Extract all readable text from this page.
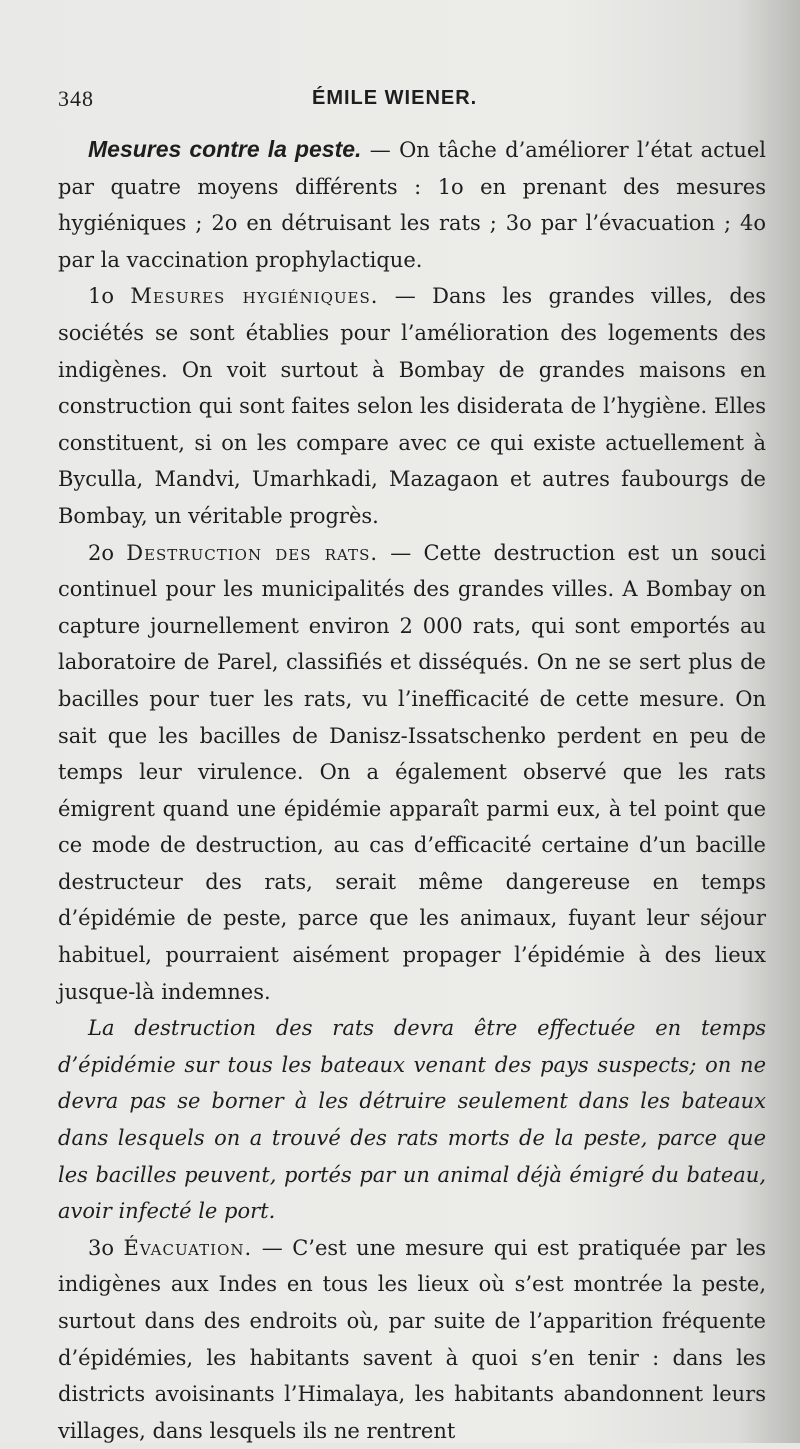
348	ÉMILE WIENER.

Mesures contre la peste. — On tâche d’améliorer l’état actuel par quatre moyens différents : 1o en prenant des mesures hygiéniques ; 2o en détruisant les rats ; 3o par l’évacuation ; 4o par la vaccination prophylactique.

1o Mesures hygiéniques. — Dans les grandes villes, des sociétés se sont établies pour l’amélioration des logements des indigènes. On voit surtout à Bombay de grandes maisons en construction qui sont faites selon les disiderata de l’hygiène. Elles constituent, si on les compare avec ce qui existe actuellement à Byculla, Mandvi, Umarhkadi, Mazagaon et autres faubourgs de Bombay, un véritable progrès.

2o Destruction des rats. — Cette destruction est un souci continuel pour les municipalités des grandes villes. A Bombay on capture journellement environ 2 000 rats, qui sont emportés au laboratoire de Parel, classifiés et disséqués. On ne se sert plus de bacilles pour tuer les rats, vu l’inefficacité de cette mesure. On sait que les bacilles de Danisz-Issatschenko perdent en peu de temps leur virulence. On a également observé que les rats émigrent quand une épidémie apparaît parmi eux, à tel point que ce mode de destruction, au cas d’efficacité certaine d’un bacille destructeur des rats, serait même dangereuse en temps d’épidémie de peste, parce que les animaux, fuyant leur séjour habituel, pourraient aisément propager l’épidémie à des lieux jusque-là indemnes.

La destruction des rats devra être effectuée en temps d’épidémie sur tous les bateaux venant des pays suspects; on ne devra pas se borner à les détruire seulement dans les bateaux dans lesquels on a trouvé des rats morts de la peste, parce que les bacilles peuvent, portés par un animal déjà émigré du bateau, avoir infecté le port.

3o Évacuation. — C’est une mesure qui est pratiquée par les indigènes aux Indes en tous les lieux où s’est montrée la peste, surtout dans des endroits où, par suite de l’apparition fréquente d’épidémies, les habitants savent à quoi s’en tenir : dans les districts avoisinants l’Himalaya, les habitants abandonnent leurs villages, dans lesquels ils ne rentrent
